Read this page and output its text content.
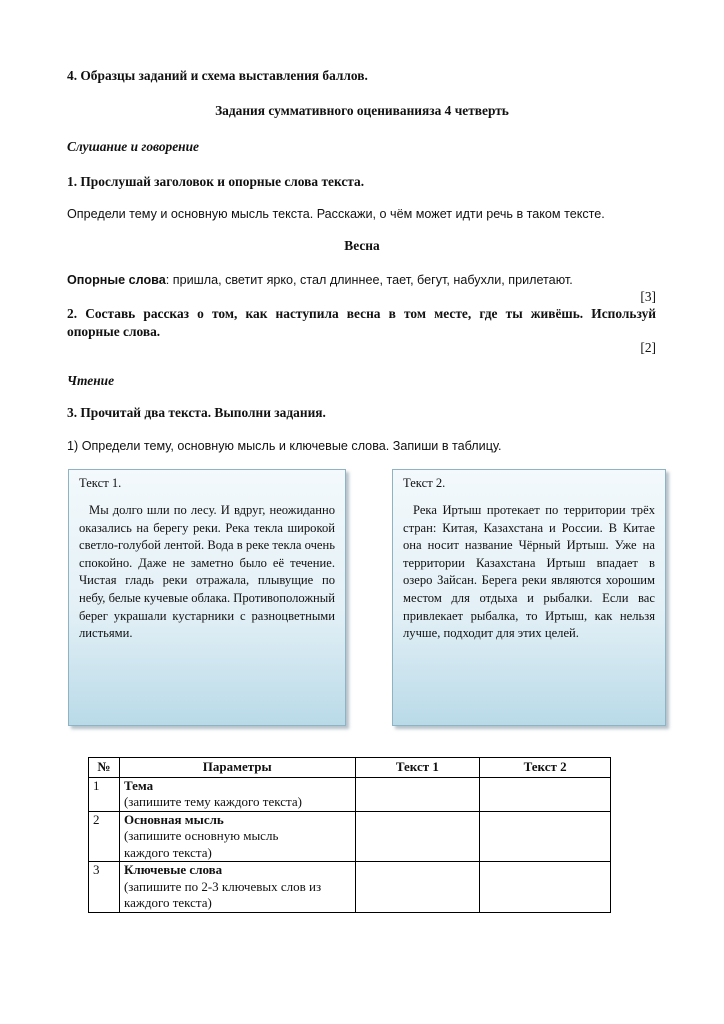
4. Образцы заданий и схема выставления баллов.
Задания суммативного оцениванияза 4 четверть
Слушание и говорение
1. Прослушай заголовок и опорные слова текста.
Определи тему и основную мысль текста. Расскажи, о чём может идти речь в таком тексте.
Весна
Опорные слова: пришла, светит ярко, стал длиннее, тает, бегут, набухли, прилетают.
[3]
2. Составь рассказ о том, как наступила весна в том месте, где ты живёшь. Используй
опорные слова.
[2]
Чтение
3. Прочитай два текста. Выполни задания.
1) Определи тему, основную мысль и ключевые слова. Запиши в таблицу.
Текст 1.
Мы долго шли по лесу. И вдруг, неожиданно оказались на берегу реки. Река текла широкой светло-голубой лентой. Вода в реке текла очень спокойно. Даже не заметно было её течение. Чистая гладь реки отражала, плывущие по небу, белые кучевые облака. Противоположный берег украшали кустарники с разноцветными листьями.
Текст 2.
Река Иртыш протекает по территории трёх стран: Китая, Казахстана и России. В Китае она носит название Чёрный Иртыш. Уже на территории Казахстана Иртыш впадает в озеро Зайсан. Берега реки являются хорошим местом для отдыха и рыбалки. Если вас привлекает рыбалка, то Иртыш, как нельзя лучше, подходит для этих целей.
№	Параметры	Текст 1	Текст 2
1	Тема
(запишите тему каждого текста)		

2	Основная мысль
(запишите основную мысль
каждого текста)		

3	Ключевые слова
(запишите по 2-3 ключевых слов из
каждого текста)		
